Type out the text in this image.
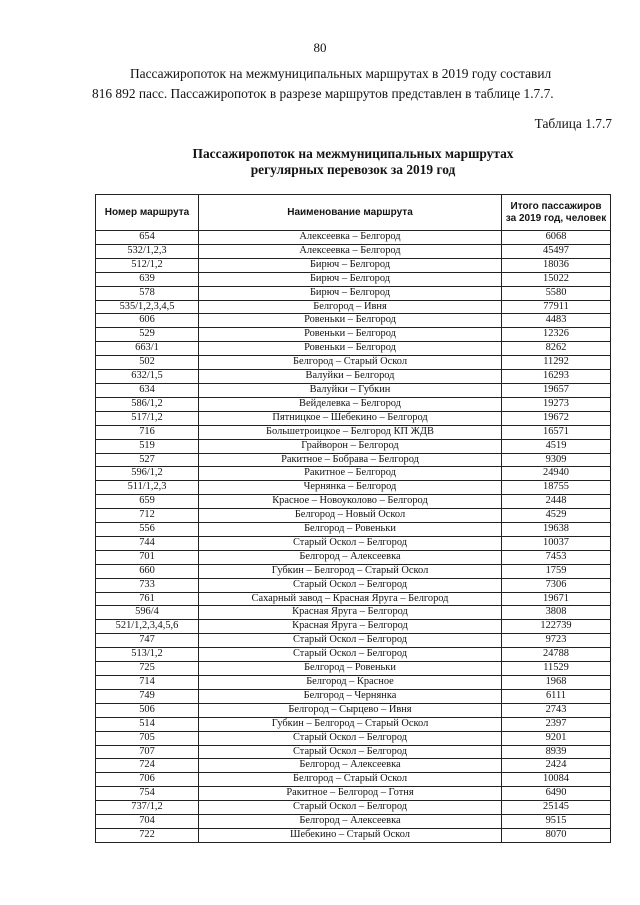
80
Пассажиропоток на межмуниципальных маршрутах в 2019 году составил
816 892 пасс. Пассажиропоток в разрезе маршрутов представлен в таблице 1.7.7.
Таблица 1.7.7
Пассажиропоток на межмуниципальных маршрутах
регулярных перевозок за 2019 год
Номер маршрута	Наименование маршрута	Итого пассажиров за 2019 год, человек
654	Алексеевка – Белгород	6068
532/1,2,3	Алексеевка – Белгород	45497
512/1,2	Бирюч – Белгород	18036
639	Бирюч – Белгород	15022
578	Бирюч – Белгород	5580
535/1,2,3,4,5	Белгород – Ивня	77911
606	Ровеньки – Белгород	4483
529	Ровеньки – Белгород	12326
663/1	Ровеньки – Белгород	8262
502	Белгород – Старый Оскол	11292
632/1,5	Валуйки – Белгород	16293
634	Валуйки – Губкин	19657
586/1,2	Вейделевка – Белгород	19273
517/1,2	Пятницкое – Шебекино – Белгород	19672
716	Большетроицкое – Белгород КП ЖДВ	16571
519	Грайворон – Белгород	4519
527	Ракитное – Бобрава – Белгород	9309
596/1,2	Ракитное – Белгород	24940
511/1,2,3	Чернянка – Белгород	18755
659	Красное – Новоуколово – Белгород	2448
712	Белгород – Новый Оскол	4529
556	Белгород – Ровеньки	19638
744	Старый Оскол – Белгород	10037
701	Белгород – Алексеевка	7453
660	Губкин – Белгород – Старый Оскол	1759
733	Старый Оскол – Белгород	7306
761	Сахарный завод – Красная Яруга – Белгород	19671
596/4	Красная Яруга – Белгород	3808
521/1,2,3,4,5,6	Красная Яруга – Белгород	122739
747	Старый Оскол – Белгород	9723
513/1,2	Старый Оскол – Белгород	24788
725	Белгород – Ровеньки	11529
714	Белгород – Красное	1968
749	Белгород – Чернянка	6111
506	Белгород – Сырцево – Ивня	2743
514	Губкин – Белгород – Старый Оскол	2397
705	Старый Оскол – Белгород	9201
707	Старый Оскол – Белгород	8939
724	Белгород – Алексеевка	2424
706	Белгород – Старый Оскол	10084
754	Ракитное – Белгород – Готня	6490
737/1,2	Старый Оскол – Белгород	25145
704	Белгород – Алексеевка	9515
722	Шебекино – Старый Оскол	8070
